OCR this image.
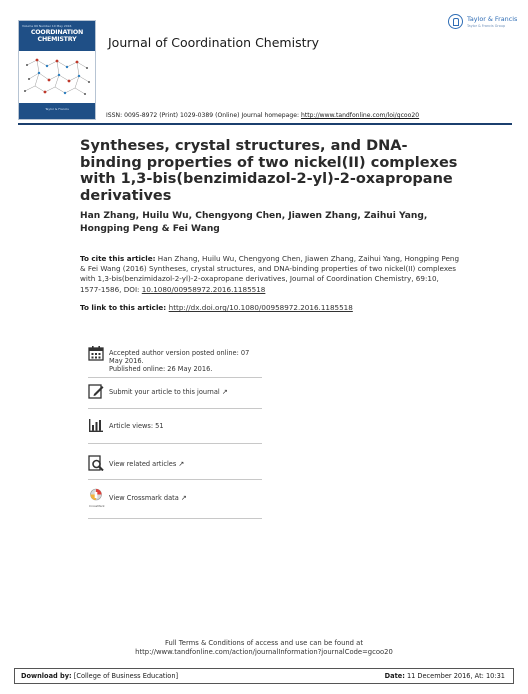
Volume 69 Number 10 May 2016
COORDINATION CHEMISTRY
Taylor & Francis
Journal of Coordination Chemistry
Taylor & Francis
Taylor & Francis Group
ISSN: 0095-8972 (Print) 1029-0389 (Online) Journal homepage: http://www.tandfonline.com/loi/gcoo20
Syntheses, crystal structures, and DNA-binding properties of two nickel(II) complexes with 1,3-bis(benzimidazol-2-yl)-2-oxapropane derivatives
Han Zhang, Huilu Wu, Chengyong Chen, Jiawen Zhang, Zaihui Yang, Hongping Peng & Fei Wang
To cite this article: Han Zhang, Huilu Wu, Chengyong Chen, Jiawen Zhang, Zaihui Yang, Hongping Peng & Fei Wang (2016) Syntheses, crystal structures, and DNA-binding properties of two nickel(II) complexes with 1,3-bis(benzimidazol-2-yl)-2-oxapropane derivatives, Journal of Coordination Chemistry, 69:10, 1577-1586, DOI: 10.1080/00958972.2016.1185518
To link to this article: http://dx.doi.org/10.1080/00958972.2016.1185518
Accepted author version posted online: 07 May 2016.
Published online: 26 May 2016.
Submit your article to this journal ↗
Article views: 51
View related articles ↗
CrossMark
View Crossmark data ↗
Full Terms & Conditions of access and use can be found at
http://www.tandfonline.com/action/journalInformation?journalCode=gcoo20
Download by: [College of Business Education]	Date: 11 December 2016, At: 10:31
